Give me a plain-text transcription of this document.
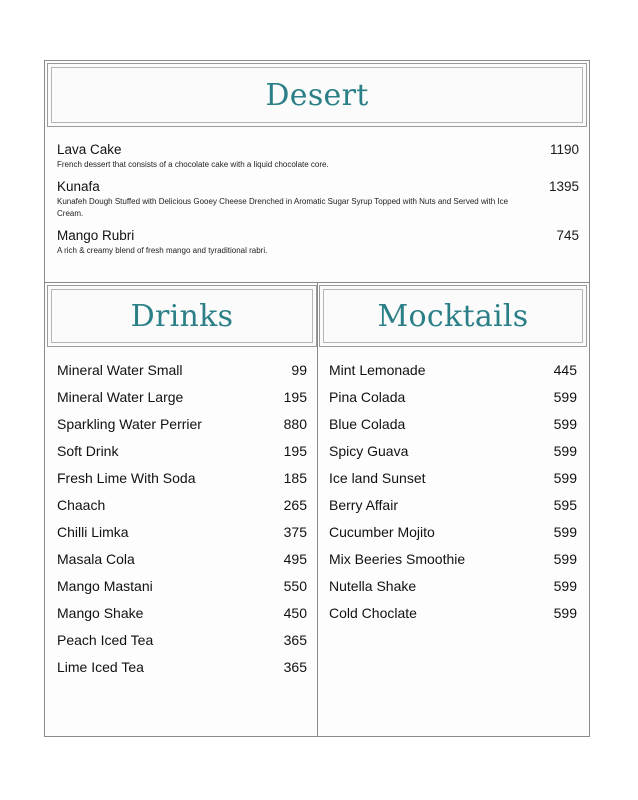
Desert
Lava Cake	1190
French dessert that consists of a chocolate cake with a liquid chocolate core.
Kunafa	1395
Kunafeh Dough Stuffed with Delicious Gooey Cheese Drenched in Aromatic Sugar Syrup Topped with Nuts and Served with Ice Cream.
Mango Rubri	745
A rich & creamy blend of fresh mango and tyraditional rabri.
Drinks	Mocktails
Mineral Water Small	99
Mineral Water Large	195
Sparkling Water Perrier	880
Soft Drink	195
Fresh Lime With Soda	185
Chaach	265
Chilli Limka	375
Masala Cola	495
Mango Mastani	550
Mango Shake	450
Peach Iced Tea	365
Lime Iced Tea	365
Mint Lemonade	445
Pina Colada	599
Blue Colada	599
Spicy Guava	599
Ice land Sunset	599
Berry Affair	595
Cucumber Mojito	599
Mix Beeries Smoothie	599
Nutella Shake	599
Cold Choclate	599
